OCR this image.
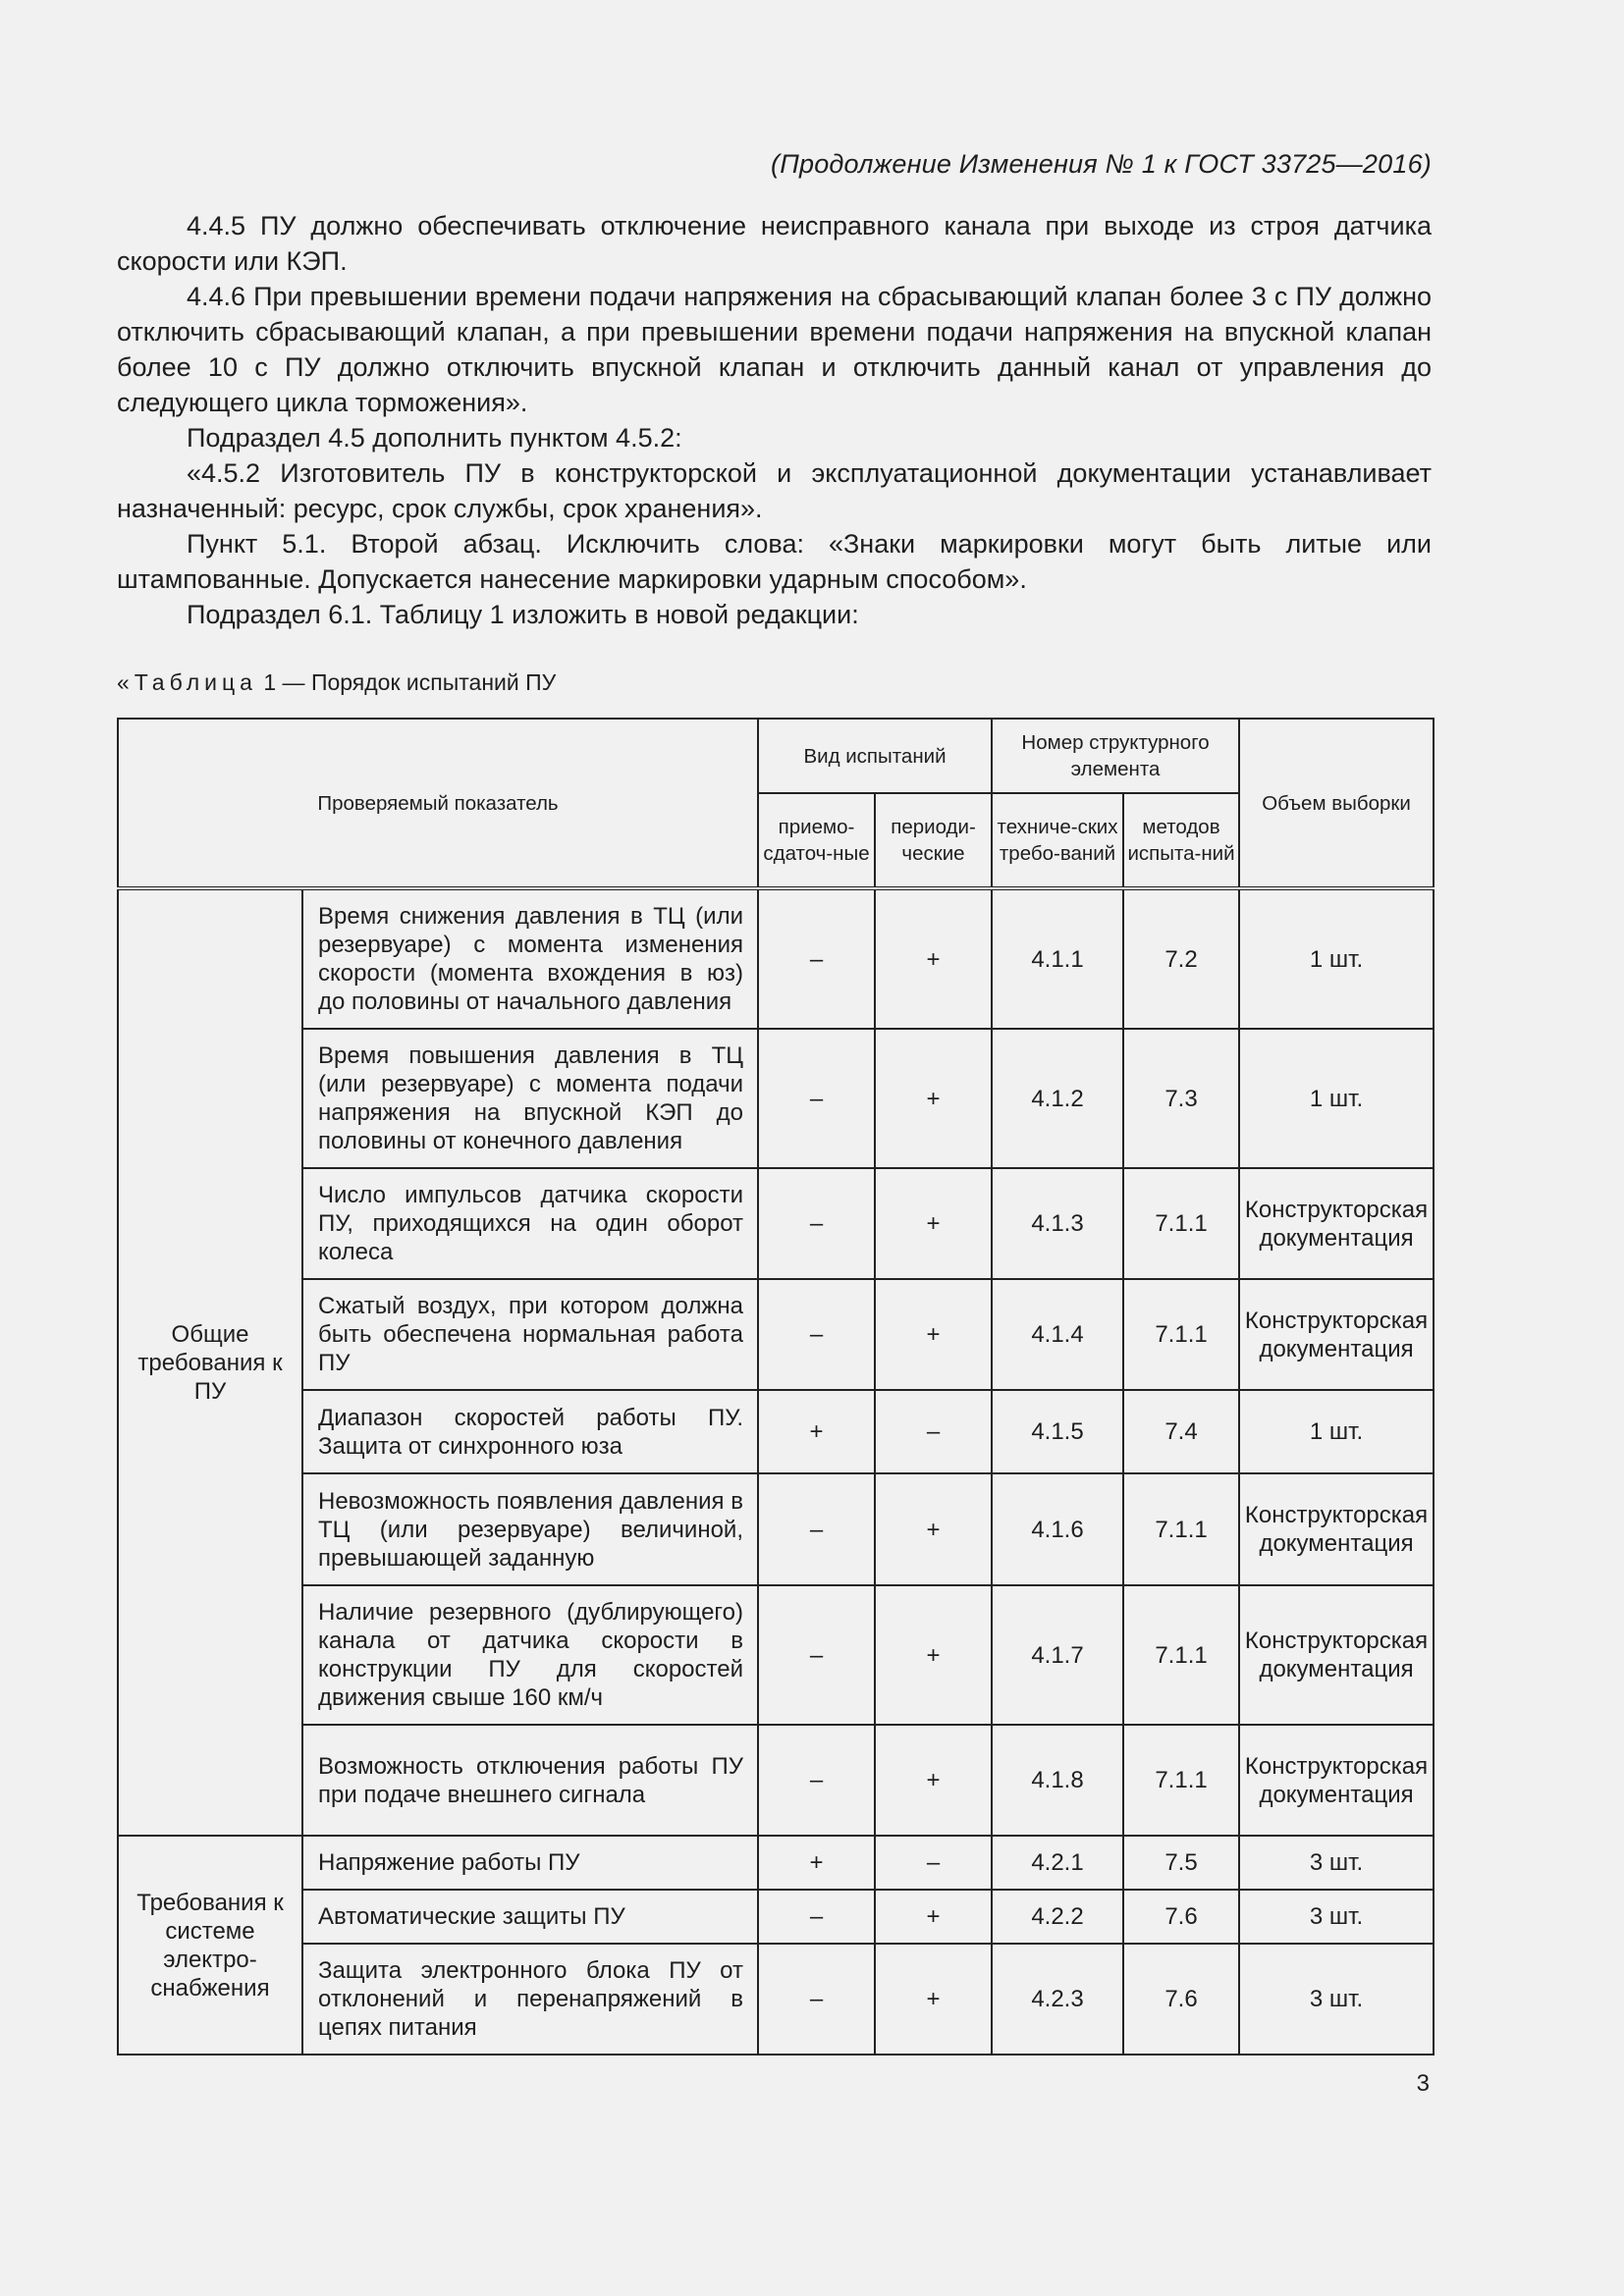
(Продолжение Изменения № 1 к ГОСТ 33725—2016)

4.4.5 ПУ должно обеспечивать отключение неисправного канала при выходе из строя датчика скорости или КЭП.

4.4.6 При превышении времени подачи напряжения на сбрасывающий клапан более 3 с ПУ должно отключить сбрасывающий клапан, а при превышении времени подачи напряжения на впускной клапан более 10 с ПУ должно отключить впускной клапан и отключить данный канал от управления до следующего цикла торможения».

Подраздел 4.5 дополнить пунктом 4.5.2:

«4.5.2 Изготовитель ПУ в конструкторской и эксплуатационной документации устанавливает назначенный: ресурс, срок службы, срок хранения».

Пункт 5.1. Второй абзац. Исключить слова: «Знаки маркировки могут быть литые или штампованные. Допускается нанесение маркировки ударным способом».

Подраздел 6.1. Таблицу 1 изложить в новой редакции:

«Таблица 1 — Порядок испытаний ПУ
Проверяемый показатель		Вид испытаний		Номер структурного элемента		Объем выборки
		приемо-сдаточ-ные	периоди-ческие	техниче-ских требо-ваний	методов испыта-ний	
Общие требования к ПУ	Время снижения давления в ТЦ (или резервуаре) с момента изменения скорости (момента вхождения в юз) до половины от начального давления	–	+	4.1.1	7.2	1 шт.
	Время повышения давления в ТЦ (или резервуаре) с момента подачи напряжения на впускной КЭП до половины от конечного давления	–	+	4.1.2	7.3	1 шт.
	Число импульсов датчика скорости ПУ, приходящихся на один оборот колеса	–	+	4.1.3	7.1.1	Конструкторская документация
	Сжатый воздух, при котором должна быть обеспечена нормальная работа ПУ	–	+	4.1.4	7.1.1	Конструкторская документация
	Диапазон скоростей работы ПУ. Защита от синхронного юза	+	–	4.1.5	7.4	1 шт.
	Невозможность появления давления в ТЦ (или резервуаре) величиной, превышающей заданную	–	+	4.1.6	7.1.1	Конструкторская документация
	Наличие резервного (дублирующего) канала от датчика скорости в конструкции ПУ для скоростей движения свыше 160 км/ч	–	+	4.1.7	7.1.1	Конструкторская документация
	Возможность отключения работы ПУ при подаче внешнего сигнала	–	+	4.1.8	7.1.1	Конструкторская документация
Требования к системе электро-снабжения	Напряжение работы ПУ	+	–	4.2.1	7.5	3 шт.
	Автоматические защиты ПУ	–	+	4.2.2	7.6	3 шт.
	Защита электронного блока ПУ от отклонений и перенапряжений в цепях питания	–	+	4.2.3	7.6	3 шт.
3
